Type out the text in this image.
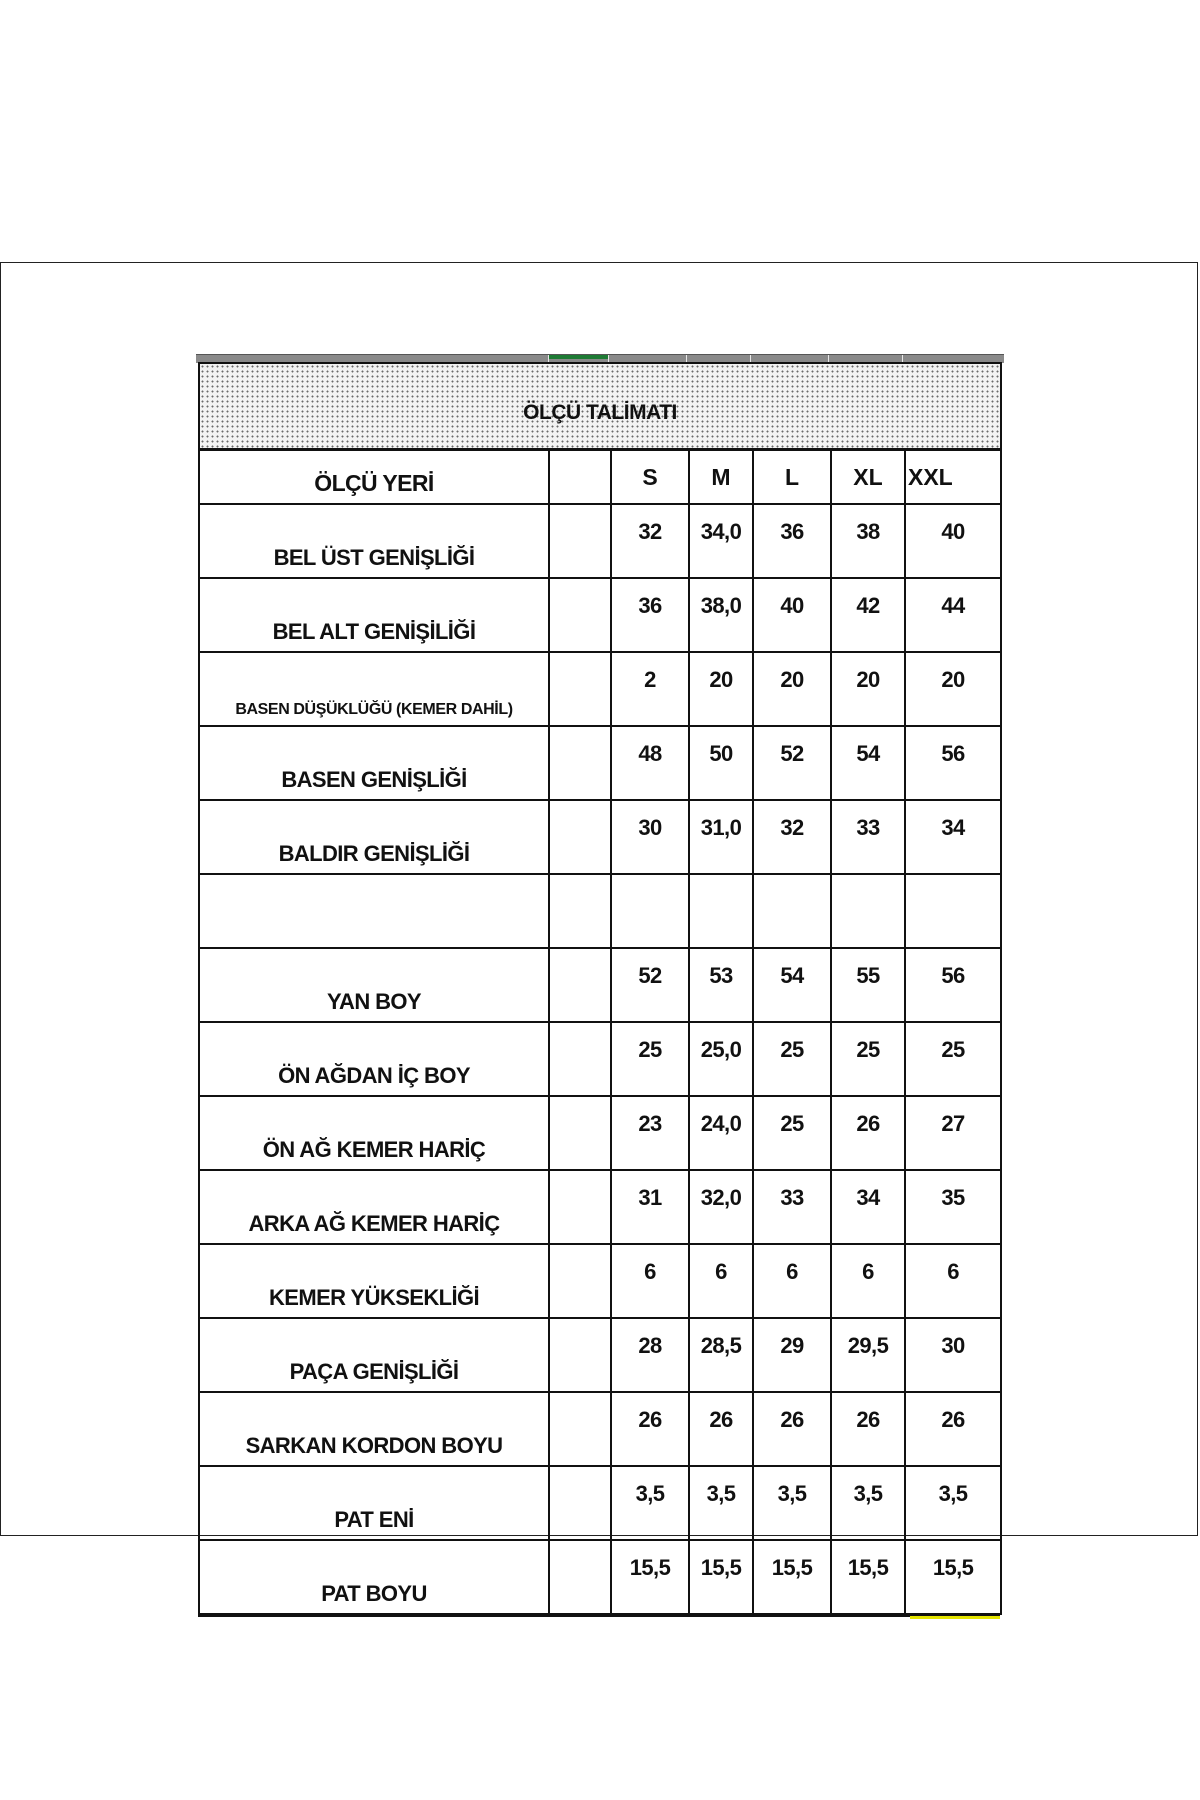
ÖLÇÜ TALİMATI						
ÖLÇÜ YERİ		S	M	L	XL	XXL
BEL ÜST GENİŞLİĞİ		32	34,0	36	38	40
BEL ALT GENİŞİLİĞİ		36	38,0	40	42	44
BASEN DÜŞÜKLÜĞÜ (KEMER DAHİL)		2	20	20	20	20
BASEN GENİŞLİĞİ		48	50	52	54	56
BALDIR GENİŞLİĞİ		30	31,0	32	33	34

YAN BOY		52	53	54	55	56
ÖN AĞDAN İÇ BOY		25	25,0	25	25	25
ÖN AĞ KEMER HARİÇ		23	24,0	25	26	27
ARKA AĞ KEMER HARİÇ		31	32,0	33	34	35
KEMER YÜKSEKLİĞİ		6	6	6	6	6
PAÇA GENİŞLİĞİ		28	28,5	29	29,5	30
SARKAN KORDON BOYU		26	26	26	26	26
PAT ENİ		3,5	3,5	3,5	3,5	3,5
PAT BOYU		15,5	15,5	15,5	15,5	15,5
